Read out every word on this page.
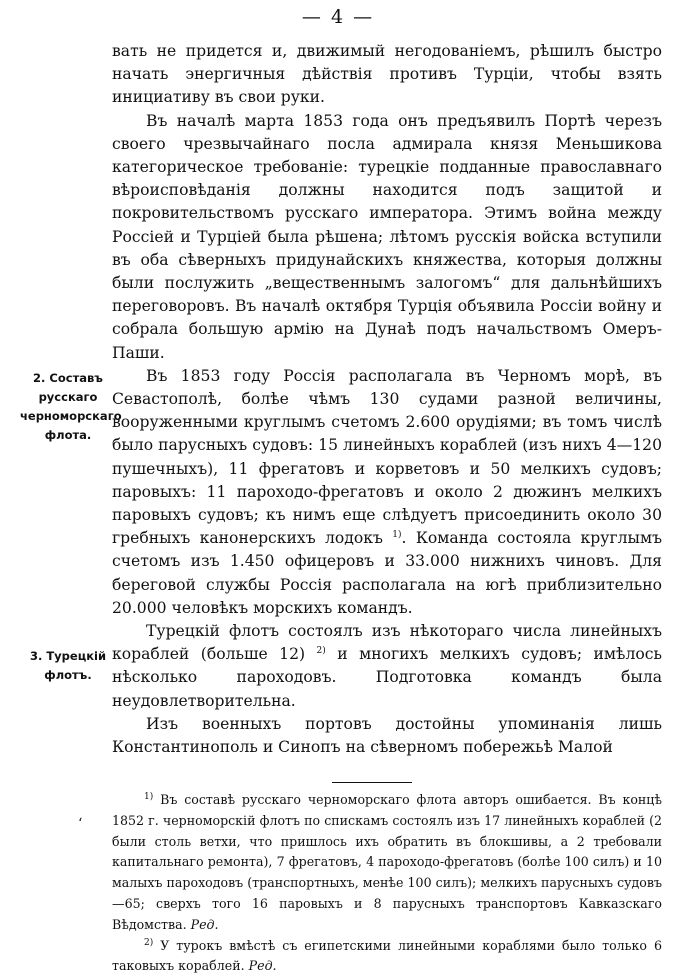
— 4 —

вать не придется и, движимый негодованіемъ, рѣшилъ быстро начать энергичныя дѣйствія противъ Турціи, чтобы взять инициативу въ свои руки.

Въ началѣ марта 1853 года онъ предъявилъ Портѣ черезъ своего чрезвычайнаго посла адмирала князя Меньшикова категорическое требованіе: турецкіе подданные православнаго вѣроисповѣданія должны находится подъ защитой и покровительствомъ русскаго императора. Этимъ война между Россіей и Турціей была рѣшена; лѣтомъ русскія войска вступили въ оба сѣверныхъ придунайскихъ княжества, которыя должны были послужить „вещественнымъ залогомъ“ для дальнѣйшихъ переговоровъ. Въ началѣ октября Турція объявила Россіи войну и собрала большую армію на Дунаѣ подъ начальствомъ Омеръ-Паши.

Въ 1853 году Россія располагала въ Черномъ морѣ, въ Севастополѣ, болѣе чѣмъ 130 судами разной величины, вооруженными круглымъ счетомъ 2.600 орудіями; въ томъ числѣ было парусныхъ судовъ: 15 линейныхъ кораблей (изъ нихъ 4—120 пушечныхъ), 11 фрегатовъ и корветовъ и 50 мелкихъ судовъ; паровыхъ: 11 пароходо-фрегатовъ и около 2 дюжинъ мелкихъ паровыхъ судовъ; къ нимъ еще слѣдуетъ присоединить около 30 гребныхъ канонерскихъ лодокъ $^{1)}$. Команда состояла круглымъ счетомъ изъ 1.450 офицеровъ и 33.000 нижнихъ чиновъ. Для береговой службы Россія располагала на югѣ приблизительно 20.000 человѣкъ морскихъ командъ.

Турецкій флотъ состоялъ изъ нѣкотораго числа линейныхъ кораблей (больше 12) $^{2)}$ и многихъ мелкихъ судовъ; имѣлось нѣсколько пароходовъ. Подготовка командъ была неудовлетворительна.

Изъ военныхъ портовъ достойны упоминанія лишь Константинополь и Синопъ на сѣверномъ побережьѣ Малой

2. Составъ русскаго черноморскаго флота.
3. Турецкій флотъ.
‘

$^{1)}$ Въ составѣ русскаго черноморскаго флота авторъ ошибается. Въ концѣ 1852 г. черноморскій флотъ по спискамъ состоялъ изъ 17 линейныхъ кораблей (2 были столь ветхи, что пришлось ихъ обратить въ блокшивы, а 2 требовали капитальнаго ремонта), 7 фрегатовъ, 4 пароходо-фрегатовъ (болѣе 100 силъ) и 10 малыхъ пароходовъ (транспортныхъ, менѣе 100 силъ); мелкихъ парусныхъ судовъ—65; сверхъ того 16 паровыхъ и 8 парусныхъ транспортовъ Кавказскаго Вѣдомства. Ред.

$^{2)}$ У турокъ вмѣстѣ съ египетскими линейными кораблями было только 6 таковыхъ кораблей. Ред.
